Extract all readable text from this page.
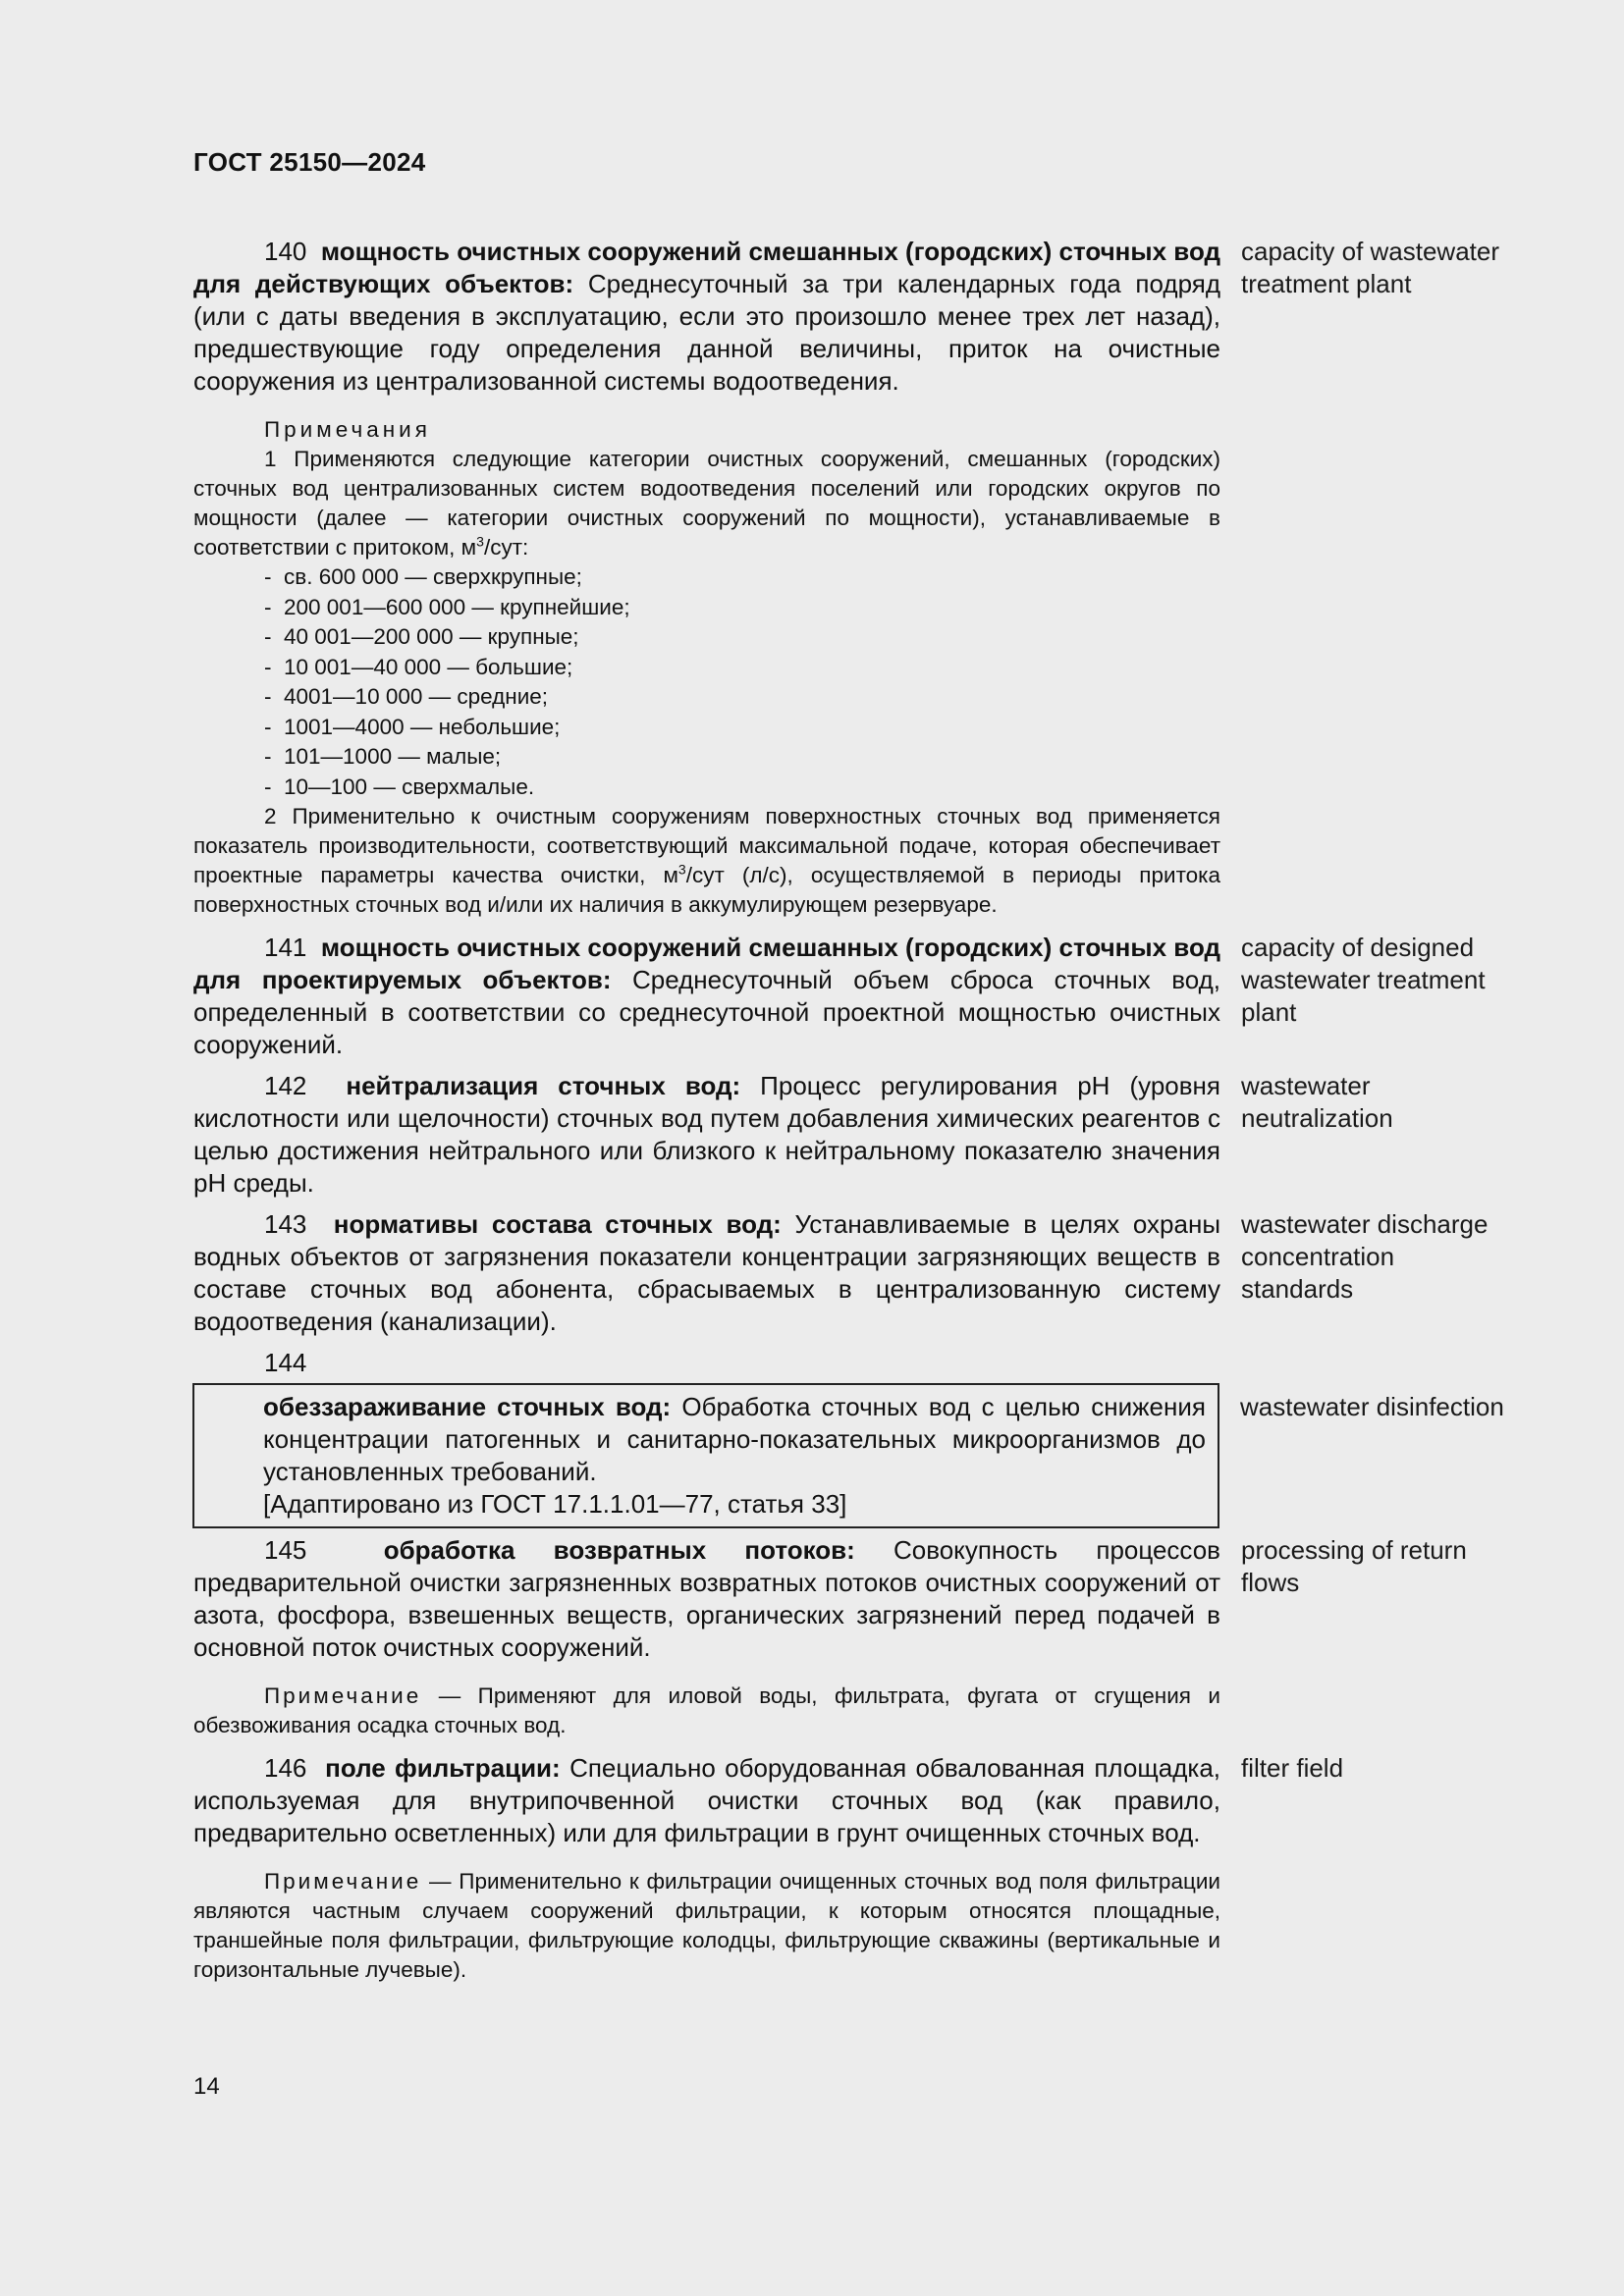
ГОСТ 25150—2024

140 мощность очистных сооружений смешанных (городских) сточных вод для действующих объектов: Среднесуточный за три календарных года подряд (или с даты введения в эксплуатацию, если это произошло менее трех лет назад), предшествующие году определения данной величины, приток на очистные сооружения из централизованной системы водоотведения.

capacity of wastewater treatment plant

Примечания

1 Применяются следующие категории очистных сооружений, смешанных (городских) сточных вод централизованных систем водоотведения поселений или городских округов по мощности (далее — категории очистных сооружений по мощности), устанавливаемые в соответствии с притоком, $м^3$/сут:

- св. 600 000 — сверхкрупные;
- 200 001—600 000 — крупнейшие;
- 40 001—200 000 — крупные;
- 10 001—40 000 — большие;
- 4001—10 000 — средние;
- 1001—4000 — небольшие;
- 101—1000 — малые;
- 10—100 — сверхмалые.

2 Применительно к очистным сооружениям поверхностных сточных вод применяется показатель производительности, соответствующий максимальной подаче, которая обеспечивает проектные параметры качества очистки, $м^3$/сут (л/с), осуществляемой в периоды притока поверхностных сточных вод и/или их наличия в аккумулирующем резервуаре.

141 мощность очистных сооружений смешанных (городских) сточных вод для проектируемых объектов: Среднесуточный объем сброса сточных вод, определенный в соответствии со среднесуточной проектной мощностью очистных сооружений.

capacity of designed wastewater treatment plant

142 нейтрализация сточных вод: Процесс регулирования pH (уровня кислотности или щелочности) сточных вод путем добавления химических реагентов с целью достижения нейтрального или близкого к нейтральному показателю значения pH среды.

wastewater neutralization

143 нормативы состава сточных вод: Устанавливаемые в целях охраны водных объектов от загрязнения показатели концентрации загрязняющих веществ в составе сточных вод абонента, сбрасываемых в централизованную систему водоотведения (канализации).

wastewater discharge concentration standards
144

обеззараживание сточных вод: Обработка сточных вод с целью снижения концентрации патогенных и санитарно-показательных микроорганизмов до установленных требований.

[Адаптировано из ГОСТ 17.1.1.01—77, статья 33]

wastewater disinfection

145	обработка возвратных потоков: Совокупность процессов предварительной очистки загрязненных возвратных потоков очистных сооружений от азота, фосфора, взвешенных веществ, органических загрязнений перед подачей в основной поток очистных сооружений.

processing of return flows

Примечание — Применяют для иловой воды, фильтрата, фугата от сгущения и обезвоживания осадка сточных вод.

146 поле фильтрации: Специально оборудованная обвалованная площадка, используемая для внутрипочвенной очистки сточных вод (как правило, предварительно осветленных) или для фильтрации в грунт очищенных сточных вод.

filter field

Примечание — Применительно к фильтрации очищенных сточных вод поля фильтрации являются частным случаем сооружений фильтрации, к которым относятся площадные, траншейные поля фильтрации, фильтрующие колодцы, фильтрующие скважины (вертикальные и горизонтальные лучевые).

14
